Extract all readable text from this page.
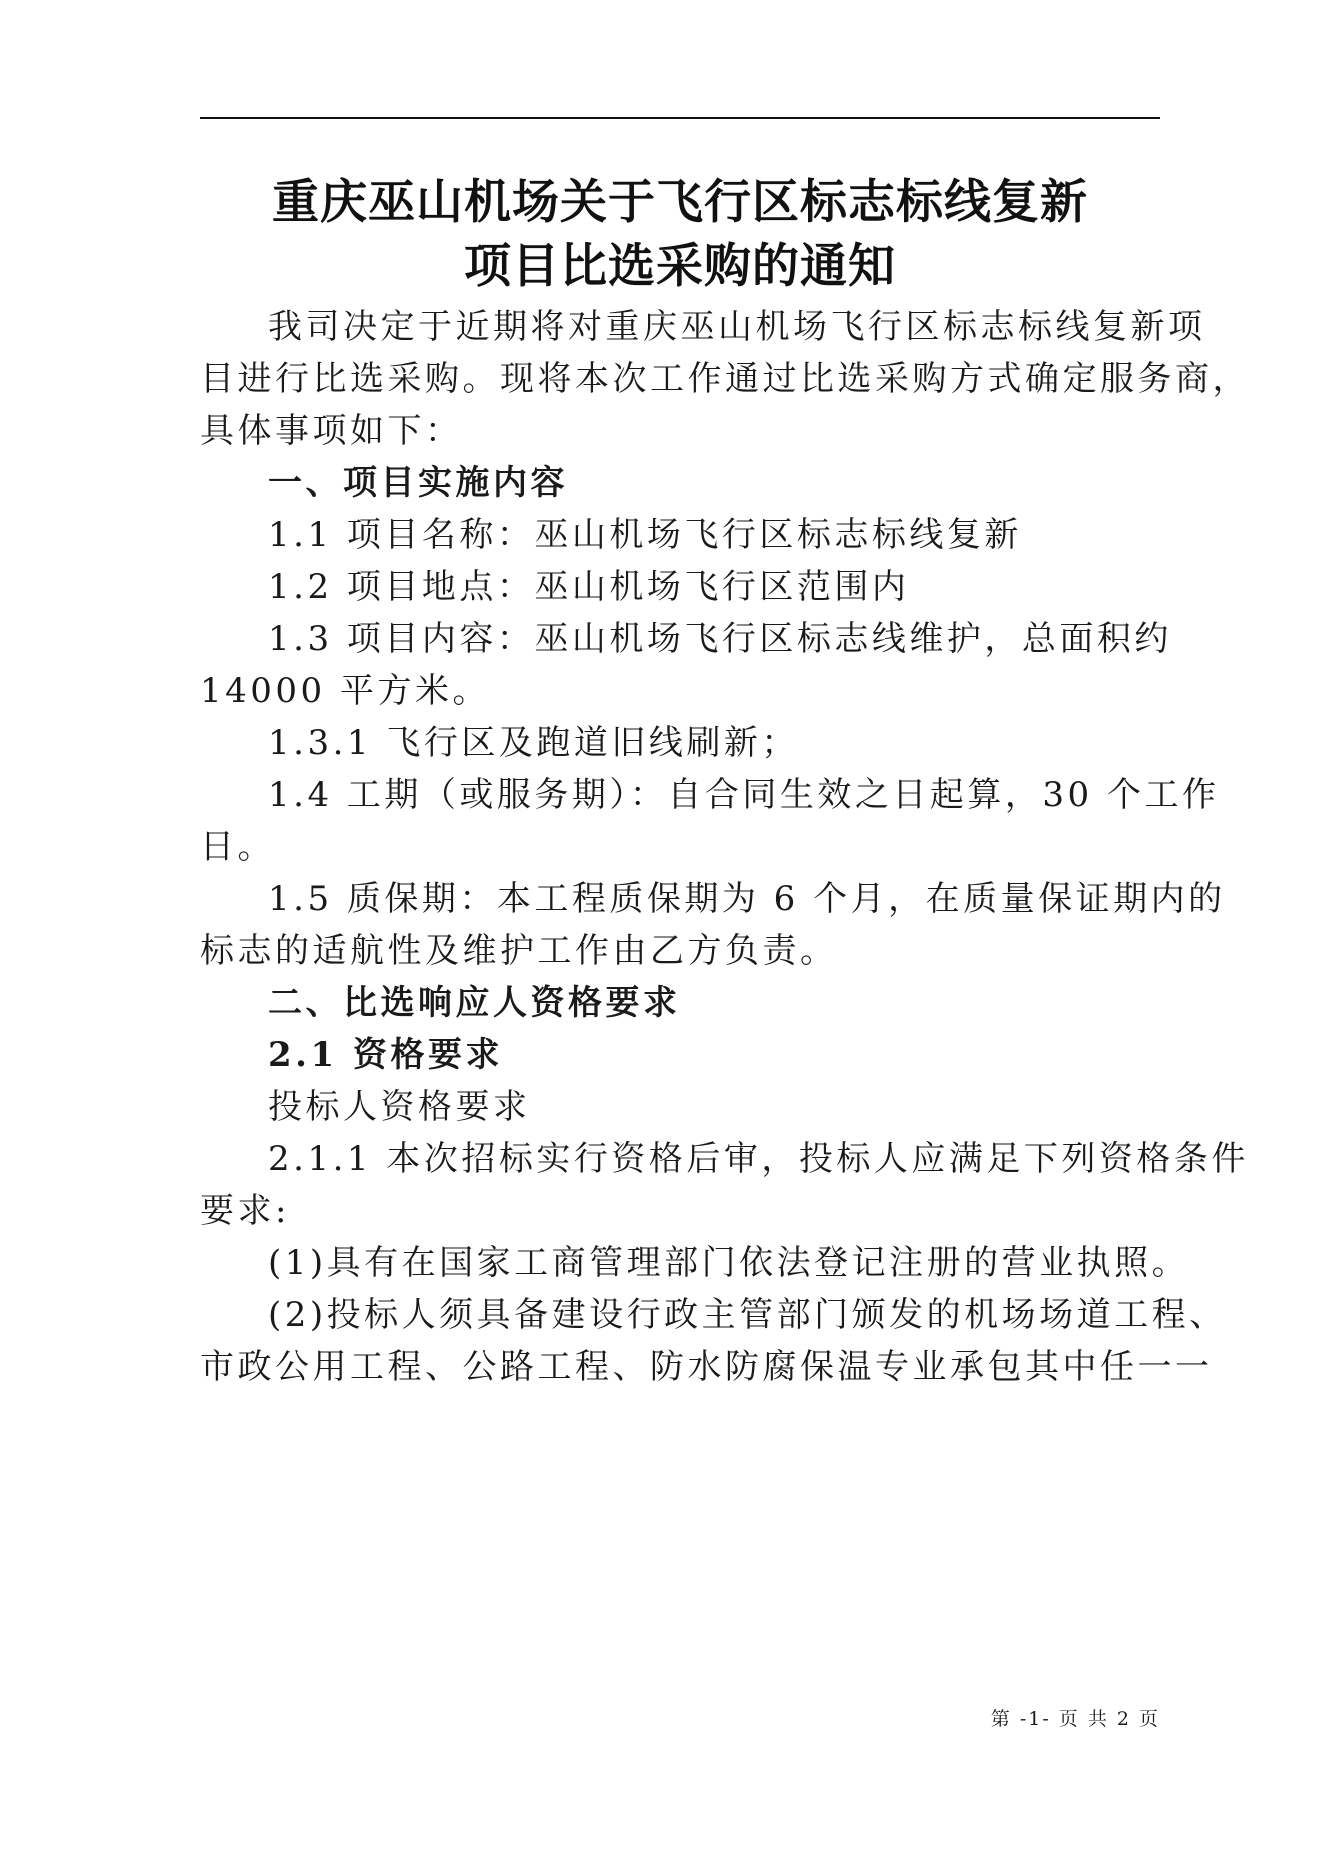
重庆巫山机场关于飞行区标志标线复新
项目比选采购的通知
我司决定于近期将对重庆巫山机场飞行区标志标线复新项
目进行比选采购。现将本次工作通过比选采购方式确定服务商，
具体事项如下：
一、项目实施内容
1.1 项目名称：巫山机场飞行区标志标线复新
1.2 项目地点：巫山机场飞行区范围内
1.3 项目内容：巫山机场飞行区标志线维护，总面积约
14000 平方米。
1.3.1 飞行区及跑道旧线刷新；
1.4 工期（或服务期）：自合同生效之日起算，30 个工作
日。
1.5 质保期：本工程质保期为 6 个月，在质量保证期内的
标志的适航性及维护工作由乙方负责。
二、比选响应人资格要求
2.1 资格要求
投标人资格要求
2.1.1 本次招标实行资格后审，投标人应满足下列资格条件
要求:
(1)具有在国家工商管理部门依法登记注册的营业执照。
(2)投标人须具备建设行政主管部门颁发的机场场道工程、
市政公用工程、公路工程、防水防腐保温专业承包其中任一一
第 -1- 页 共 2 页
